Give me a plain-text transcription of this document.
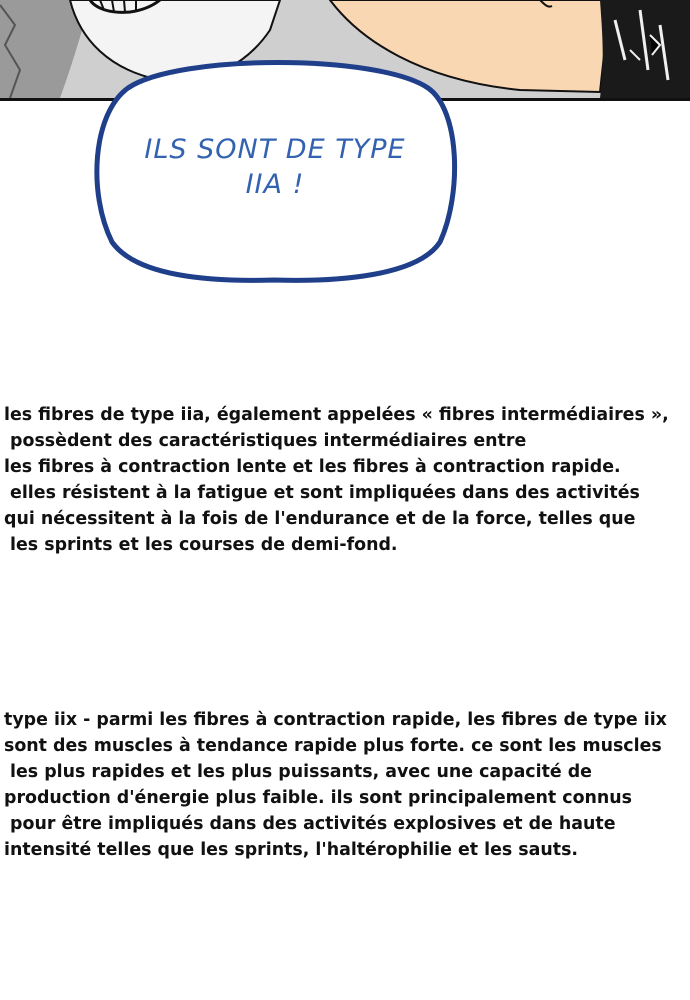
ILS SONT DE TYPE
IIA !
les fibres de type iia, également appelées « fibres intermédiaires »,
possèdent des caractéristiques intermédiaires entre
les fibres à contraction lente et les fibres à contraction rapide.
elles résistent à la fatigue et sont impliquées dans des activités
qui nécessitent à la fois de l'endurance et de la force, telles que
les sprints et les courses de demi-fond.
type iix - parmi les fibres à contraction rapide, les fibres de type iix
sont des muscles à tendance rapide plus forte. ce sont les muscles
les plus rapides et les plus puissants, avec une capacité de
production d'énergie plus faible. ils sont principalement connus
pour être impliqués dans des activités explosives et de haute
intensité telles que les sprints, l'haltérophilie et les sauts.
